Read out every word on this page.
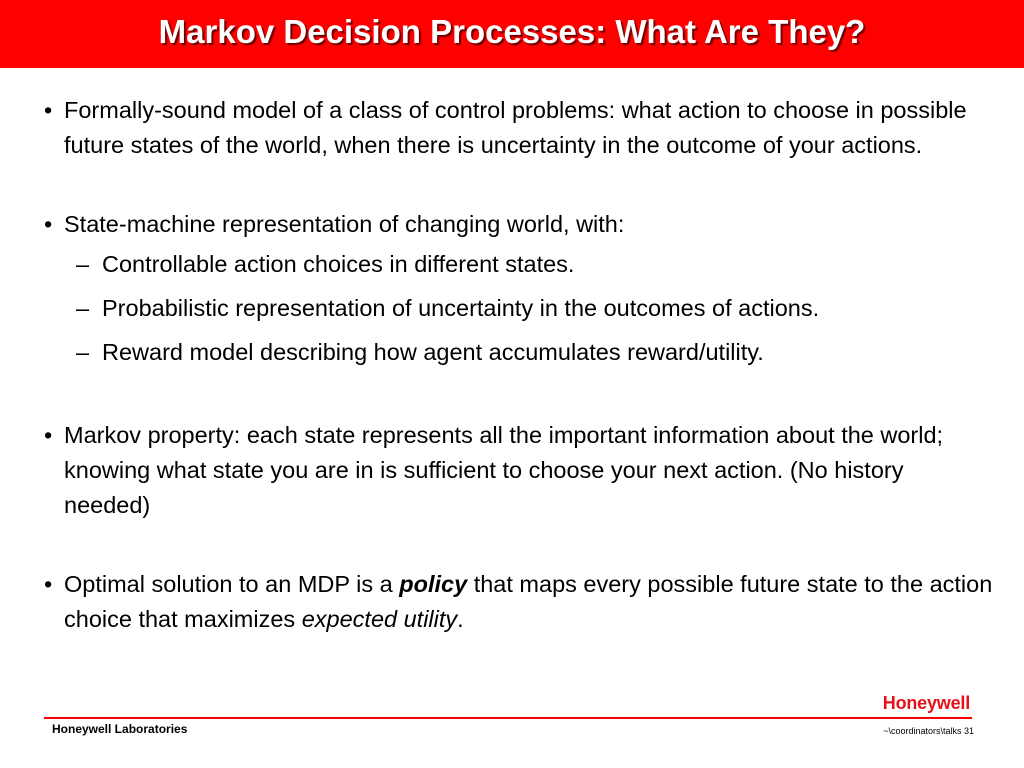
Markov Decision Processes: What Are They?

• Formally-sound model of a class of control problems: what action to choose in possible future states of the world, when there is uncertainty in the outcome of your actions.

• State-machine representation of changing world, with:

– Controllable action choices in different states.

– Probabilistic representation of uncertainty in the outcomes of actions.

– Reward model describing how agent accumulates reward/utility.

• Markov property: each state represents all the important information about the world; knowing what state you are in is sufficient to choose your next action. (No history needed)

• Optimal solution to an MDP is a policy that maps every possible future state to the action choice that maximizes expected utility.

Honeywell
Honeywell Laboratories	~\coordinators\talks 31
